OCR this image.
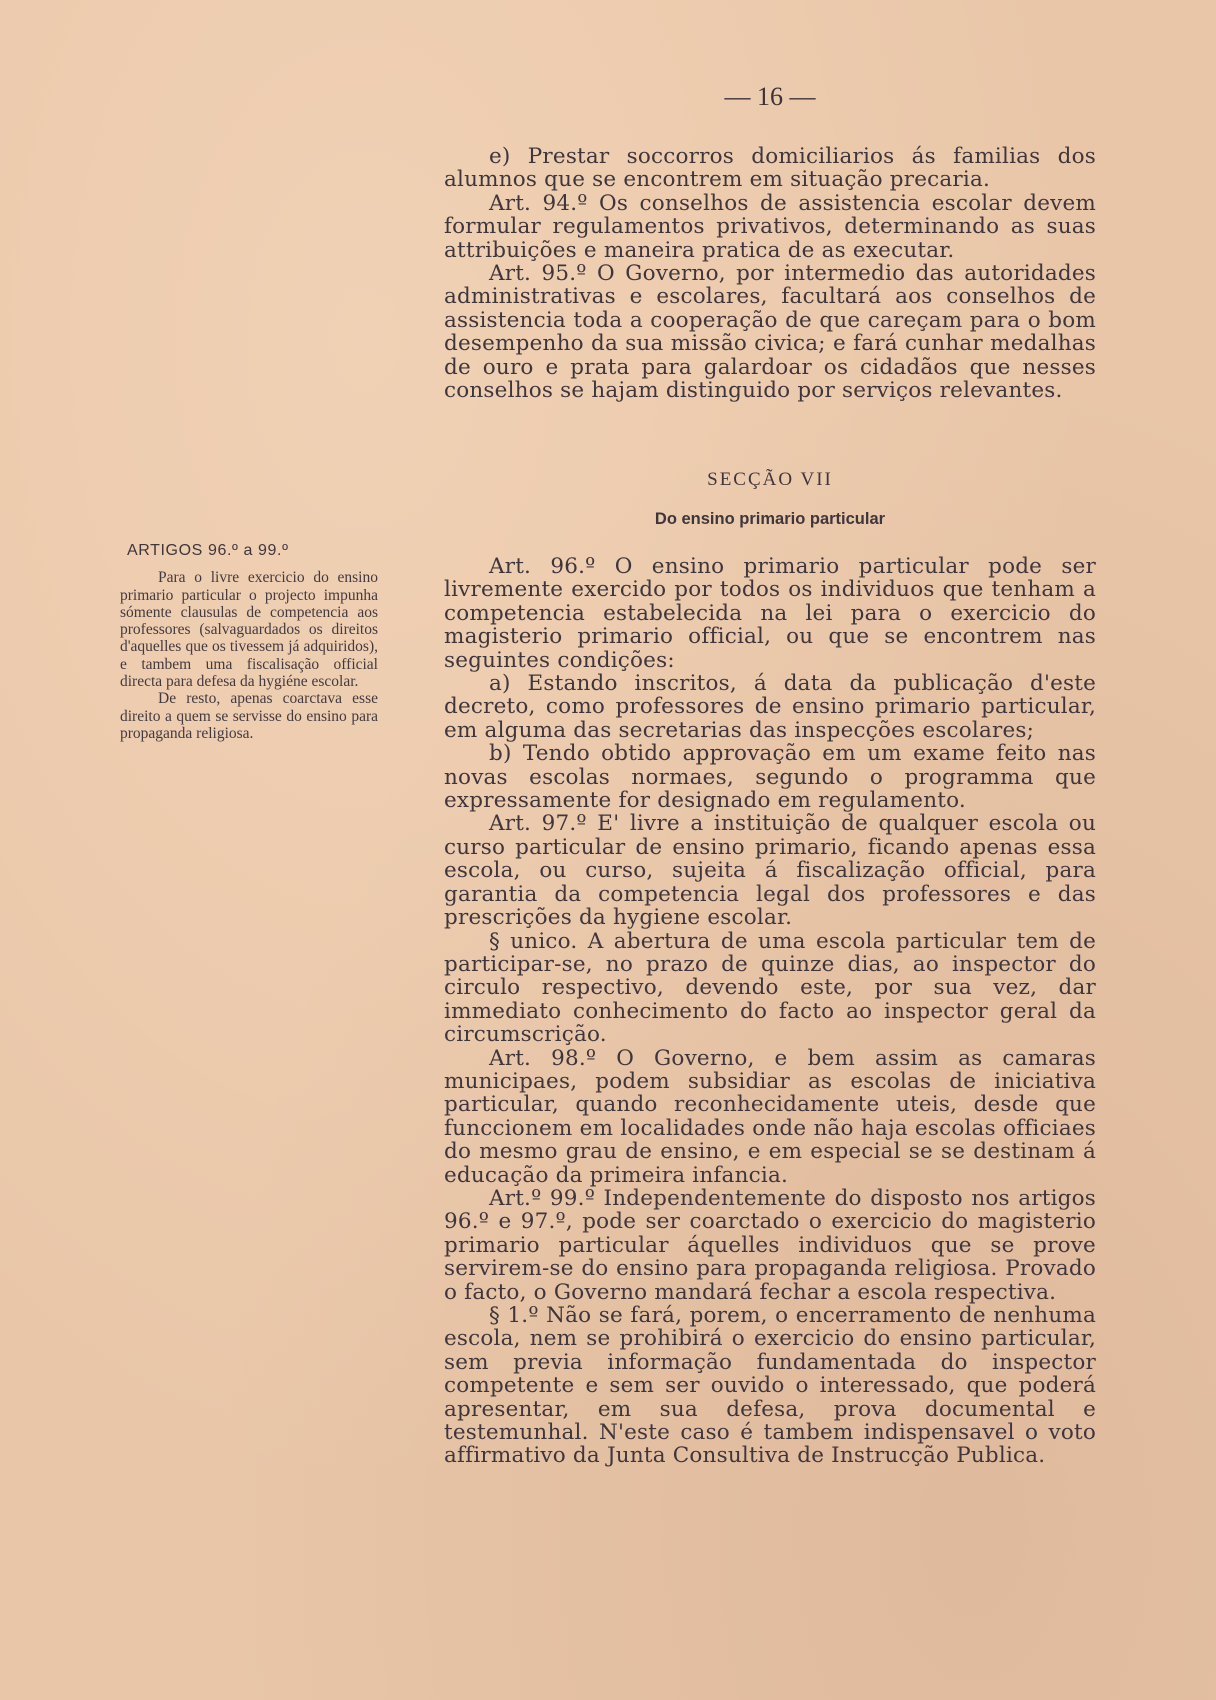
— 16 —

e) Prestar soccorros domiciliarios ás familias dos alumnos que se encontrem em situação precaria.

Art. 94.º Os conselhos de assistencia escolar devem formular regulamentos privativos, determinando as suas attribuições e maneira pratica de as executar.

Art. 95.º O Governo, por intermedio das autoridades administrativas e escolares, facultará aos conselhos de assistencia toda a cooperação de que careçam para o bom desempenho da sua missão civica; e fará cunhar medalhas de ouro e prata para galardoar os cidadãos que nesses conselhos se hajam distinguido por serviços relevantes.

SECÇÃO VII
Do ensino primario particular
ARTIGOS 96.º a 99.º

Para o livre exercicio do ensino primario particular o projecto impunha sómente clausulas de competencia aos professores (salvaguardados os direitos d'aquelles que os tivessem já adquiridos), e tambem uma fiscalisação official directa para defesa da hygiéne escolar.

De resto, apenas coarctava esse direito a quem se servisse do ensino para propaganda religiosa.

Art. 96.º O ensino primario particular pode ser livremente exercido por todos os individuos que tenham a competencia estabelecida na lei para o exercicio do magisterio primario official, ou que se encontrem nas seguintes condições:

a) Estando inscritos, á data da publicação d'este decreto, como professores de ensino primario particular, em alguma das secretarias das inspecções escolares;

b) Tendo obtido approvação em um exame feito nas novas escolas normaes, segundo o programma que expressamente for designado em regulamento.

Art. 97.º E' livre a instituição de qualquer escola ou curso particular de ensino primario, ficando apenas essa escola, ou curso, sujeita á fiscalização official, para garantia da competencia legal dos professores e das prescrições da hygiene escolar.

§ unico. A abertura de uma escola particular tem de participar-se, no prazo de quinze dias, ao inspector do circulo respectivo, devendo este, por sua vez, dar immediato conhecimento do facto ao inspector geral da circumscrição.

Art. 98.º O Governo, e bem assim as camaras municipaes, podem subsidiar as escolas de iniciativa particular, quando reconhecidamente uteis, desde que funccionem em localidades onde não haja escolas officiaes do mesmo grau de ensino, e em especial se se destinam á educação da primeira infancia.

Art.º 99.º Independentemente do disposto nos artigos 96.º e 97.º, pode ser coarctado o exercicio do magisterio primario particular áquelles individuos que se prove servirem-se do ensino para propaganda religiosa. Provado o facto, o Governo mandará fechar a escola respectiva.

§ 1.º Não se fará, porem, o encerramento de nenhuma escola, nem se prohibirá o exercicio do ensino particular, sem previa informação fundamentada do inspector competente e sem ser ouvido o interessado, que poderá apresentar, em sua defesa, prova documental e testemunhal. N'este caso é tambem indispensavel o voto affirmativo da Junta Consultiva de Instrucção Publica.
